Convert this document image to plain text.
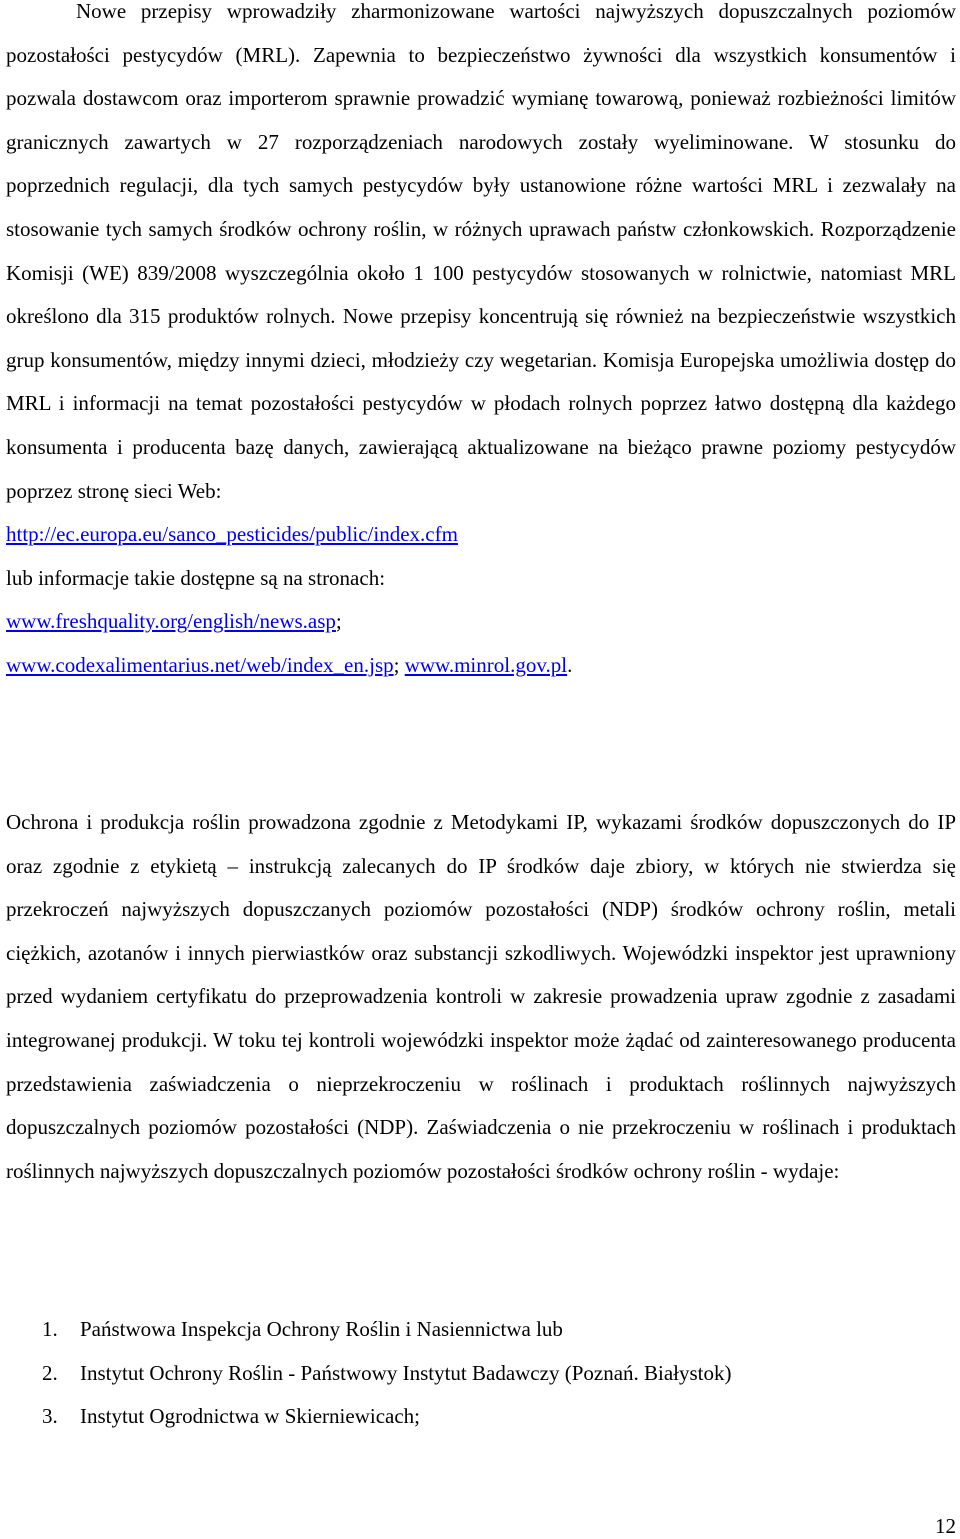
Nowe przepisy wprowadziły zharmonizowane wartości najwyższych dopuszczalnych poziomów pozostałości pestycydów (MRL). Zapewnia to bezpieczeństwo żywności dla wszystkich konsumentów i pozwala dostawcom oraz importerom sprawnie prowadzić wymianę towarową, ponieważ rozbieżności limitów granicznych zawartych w 27 rozporządzeniach narodowych zostały wyeliminowane. W stosunku do poprzednich regulacji, dla tych samych pestycydów były ustanowione różne wartości MRL i zezwalały na stosowanie tych samych środków ochrony roślin, w różnych uprawach państw członkowskich. Rozporządzenie Komisji (WE) 839/2008 wyszczególnia około 1 100 pestycydów stosowanych w rolnictwie, natomiast MRL określono dla 315 produktów rolnych. Nowe przepisy koncentrują się również na bezpieczeństwie wszystkich grup konsumentów, między innymi dzieci, młodzieży czy wegetarian. Komisja Europejska umożliwia dostęp do MRL i informacji na temat pozostałości pestycydów w płodach rolnych poprzez łatwo dostępną dla każdego konsumenta i producenta bazę danych, zawierającą aktualizowane na bieżąco prawne poziomy pestycydów poprzez stronę sieci Web:
http://ec.europa.eu/sanco_pesticides/public/index.cfm
lub informacje takie dostępne są na stronach:
www.freshquality.org/english/news.asp;
www.codexalimentarius.net/web/index_en.jsp; www.minrol.gov.pl.
Ochrona i produkcja roślin prowadzona zgodnie z Metodykami IP, wykazami środków dopuszczonych do IP oraz zgodnie z etykietą – instrukcją zalecanych do IP środków daje zbiory, w których nie stwierdza się przekroczeń najwyższych dopuszczanych poziomów pozostałości (NDP) środków ochrony roślin, metali ciężkich, azotanów i innych pierwiastków oraz substancji szkodliwych. Wojewódzki inspektor jest uprawniony przed wydaniem certyfikatu do przeprowadzenia kontroli w zakresie prowadzenia upraw zgodnie z zasadami integrowanej produkcji. W toku tej kontroli wojewódzki inspektor może żądać od zainteresowanego producenta przedstawienia zaświadczenia o nieprzekroczeniu w roślinach i produktach roślinnych najwyższych dopuszczalnych poziomów pozostałości (NDP). Zaświadczenia o nie przekroczeniu w roślinach i produktach roślinnych najwyższych dopuszczalnych poziomów pozostałości środków ochrony roślin - wydaje:
1.	Państwowa Inspekcja Ochrony Roślin i Nasiennictwa lub
2.	Instytut Ochrony Roślin - Państwowy Instytut Badawczy (Poznań. Białystok)
3.	Instytut Ogrodnictwa w Skierniewicach;
12
